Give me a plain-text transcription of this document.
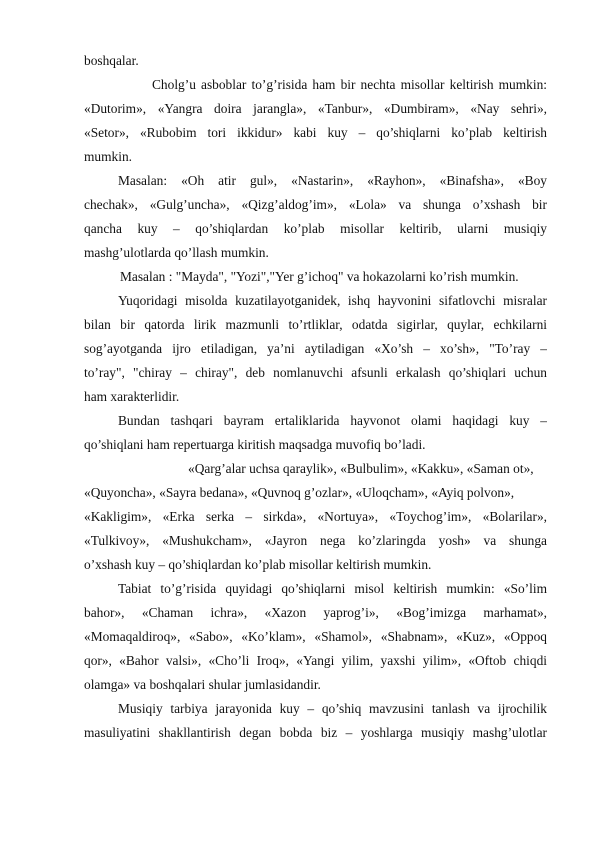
boshqalar.
Cholg’u asboblar to’g’risida ham bir nechta misollar keltirish mumkin:
«Dutorim», «Yangra doira jarangla», «Tanbur», «Dumbiram», «Nay sehri»,
«Setor», «Rubobim tori ikkidur» kabi kuy – qo’shiqlarni ko’plab keltirish
mumkin.
Masalan: «Oh atir gul», «Nastarin», «Rayhon», «Binafsha», «Boy
chechak», «Gulg’uncha», «Qizg’aldog’im», «Lola» va shunga o’xshash bir
qancha kuy – qo’shiqlardan ko’plab misollar keltirib, ularni musiqiy
mashg’ulotlarda qo’llash mumkin.
Masalan : "Mayda", "Yozi","Yer g’ichoq" va hokazolarni ko’rish mumkin.
Yuqoridagi misolda kuzatilayotganidek, ishq hayvonini sifatlovchi misralar
bilan bir qatorda lirik mazmunli to’rtliklar, odatda sigirlar, quylar, echkilarni
sog’ayotganda ijro etiladigan, ya’ni aytiladigan «Xo’sh – xo’sh», "To’ray –
to’ray", "chiray – chiray", deb nomlanuvchi afsunli erkalash qo’shiqlari uchun
ham xarakterlidir.
Bundan tashqari bayram ertaliklarida hayvonot olami haqidagi kuy –
qo’shiqlani ham repertuarga kiritish maqsadga muvofiq bo’ladi.
«Qarg’alar uchsa qaraylik», «Bulbulim», «Kakku», «Saman ot»,
«Quyoncha», «Sayra bedana», «Quvnoq g’ozlar», «Uloqcham», «Ayiq polvon»,
«Kakligim», «Erka serka – sirkda», «Nortuya», «Toychog’im», «Bolarilar»,
«Tulkivoy», «Mushukcham», «Jayron nega ko’zlaringda yosh» va shunga
o’xshash kuy – qo’shiqlardan ko’plab misollar keltirish mumkin.
Tabiat to’g’risida quyidagi qo’shiqlarni misol keltirish mumkin: «So’lim
bahor», «Chaman ichra», «Xazon yaprog’i», «Bog’imizga marhamat»,
«Momaqaldiroq», «Sabo», «Ko’klam», «Shamol», «Shabnam», «Kuz», «Oppoq
qor», «Bahor valsi», «Cho’li Iroq», «Yangi yilim, yaxshi yilim», «Oftob chiqdi
olamga» va boshqalari shular jumlasidandir.
Musiqiy tarbiya jarayonida kuy – qo’shiq mavzusini tanlash va ijrochilik
masuliyatini shakllantirish degan bobda biz – yoshlarga musiqiy mashg’ulotlar
